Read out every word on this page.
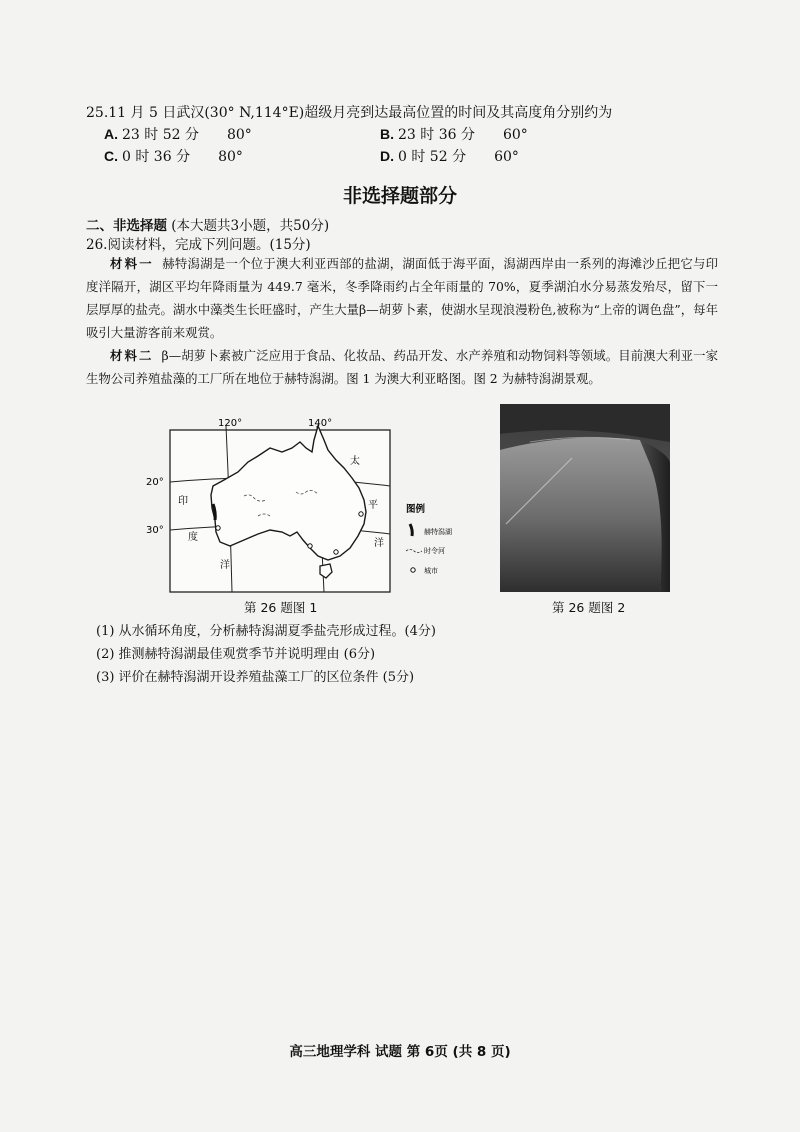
25.11 月 5 日武汉(30° N,114°E)超级月亮到达最高位置的时间及其高度角分别约为
A. 23 时 52 分 80°	B. 23 时 36 分 60°
C. 0 时 36 分 80°	D. 0 时 52 分 60°
非选择题部分
二、非选择题 (本大题共3小题，共50分)
26.阅读材料，完成下列问题。(15分)
材料一 赫特潟湖是一个位于澳大利亚西部的盐湖，湖面低于海平面，潟湖西岸由一系列的海滩沙丘把它与印度洋隔开，湖区平均年降雨量为 449.7 毫米，冬季降雨约占全年雨量的 70%，夏季湖泊水分易蒸发殆尽，留下一层厚厚的盐壳。湖水中藻类生长旺盛时，产生大量β—胡萝卜素，使湖水呈现浪漫粉色,被称为“上帝的调色盘”，每年吸引大量游客前来观赏。
材料二 β—胡萝卜素被广泛应用于食品、化妆品、药品开发、水产养殖和动物饲料等领域。目前澳大利亚一家生物公司养殖盐藻的工厂所在地位于赫特潟湖。图 1 为澳大利亚略图。图 2 为赫特潟湖景观。
120°	140°
20°
30°
印
度
洋
太
平
洋
图例
赫特潟湖
时令河
城市
第 26 题图 1	第 26 题图 2
(1) 从水循环角度，分析赫特潟湖夏季盐壳形成过程。(4分)
(2) 推测赫特潟湖最佳观赏季节并说明理由 (6分)
(3) 评价在赫特潟湖开设养殖盐藻工厂的区位条件 (5分)
高三地理学科 试题 第 6页 (共 8 页)
